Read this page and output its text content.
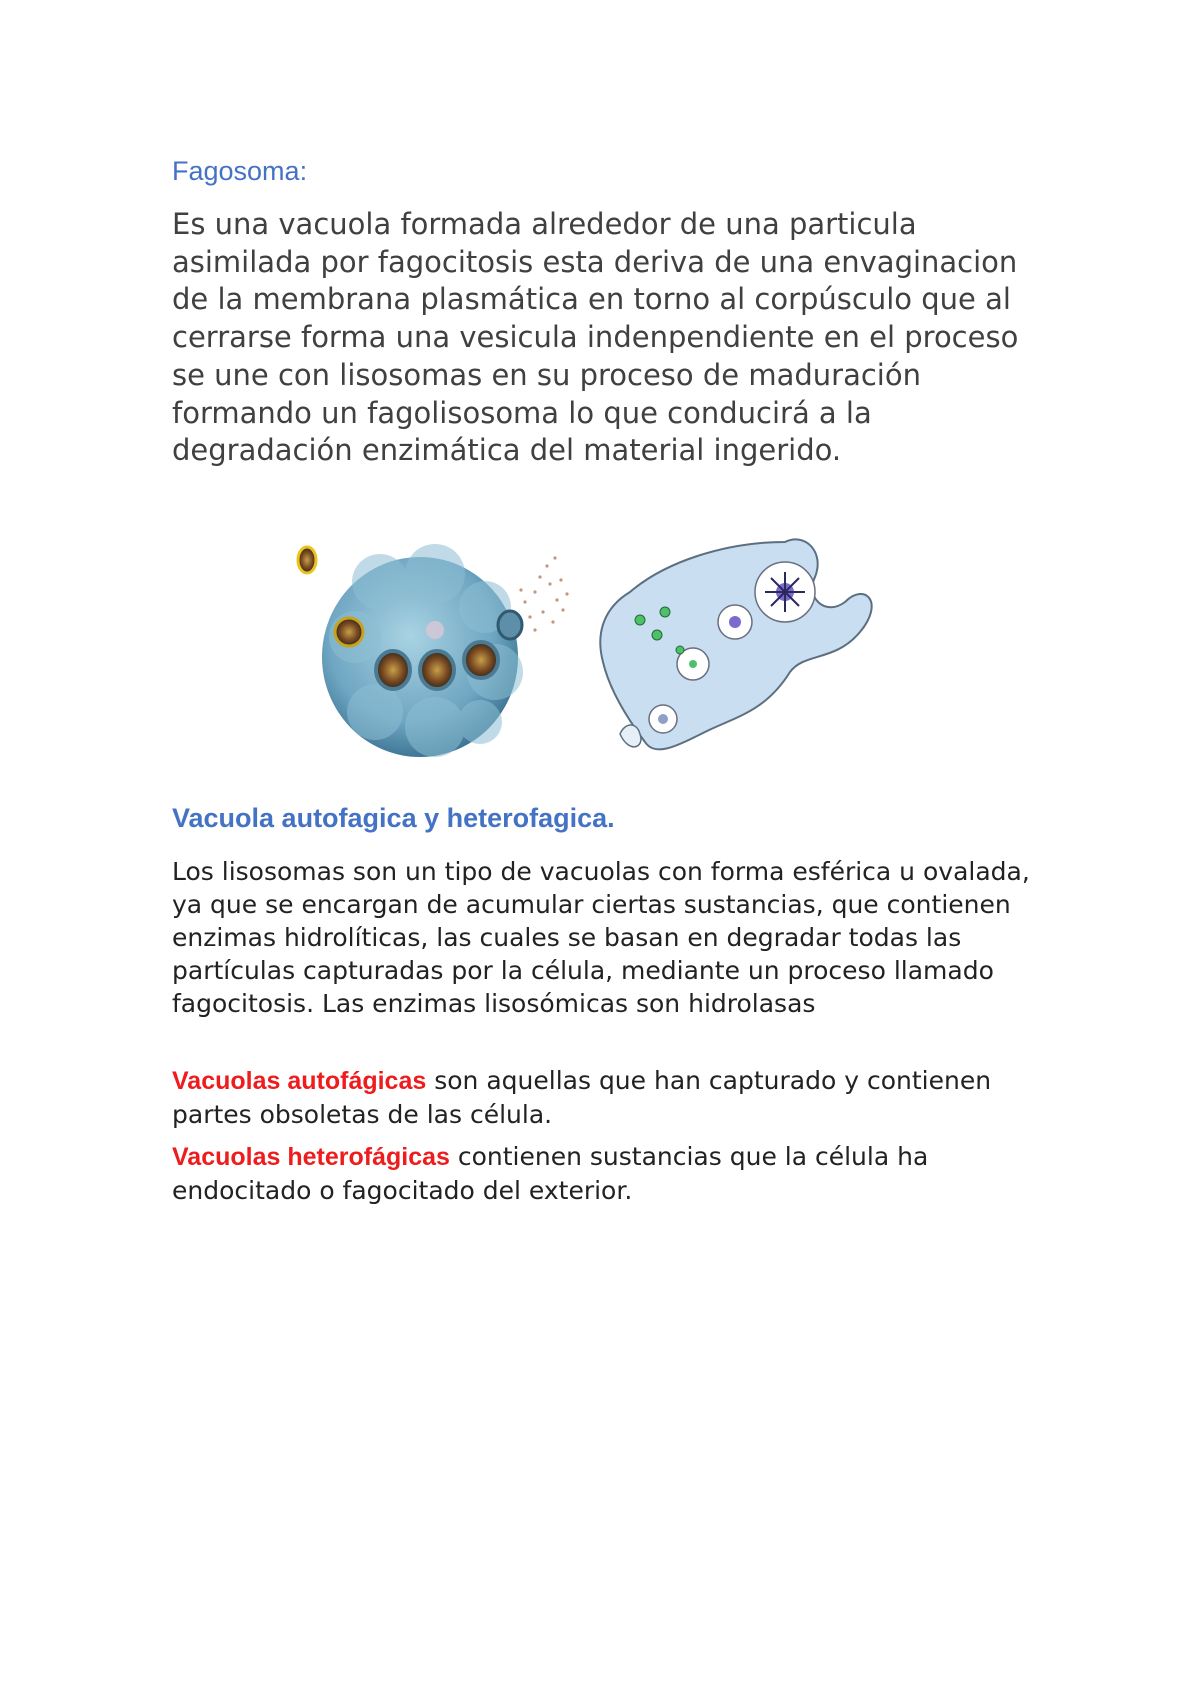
Fagosoma:

Es una vacuola formada alrededor de una particula asimilada por fagocitosis esta deriva de una envaginacion de la membrana plasmática en torno al corpúsculo que al cerrarse forma una vesicula indenpendiente en el proceso se une con lisosomas en su proceso de maduración formando un fagolisosoma lo que conducirá a la degradación enzimática del material ingerido.

Vacuola autofagica y heterofagica.

Los lisosomas son un tipo de vacuolas con forma esférica u ovalada, ya que se encargan de acumular ciertas sustancias, que contienen enzimas hidrolíticas, las cuales se basan en degradar todas las partículas capturadas por la célula, mediante un proceso llamado fagocitosis. Las enzimas lisosómicas son hidrolasas

Vacuolas autofágicas son aquellas que han capturado y contienen partes obsoletas de las célula.

Vacuolas heterofágicas contienen sustancias que la célula ha endocitado o fagocitado del exterior.
